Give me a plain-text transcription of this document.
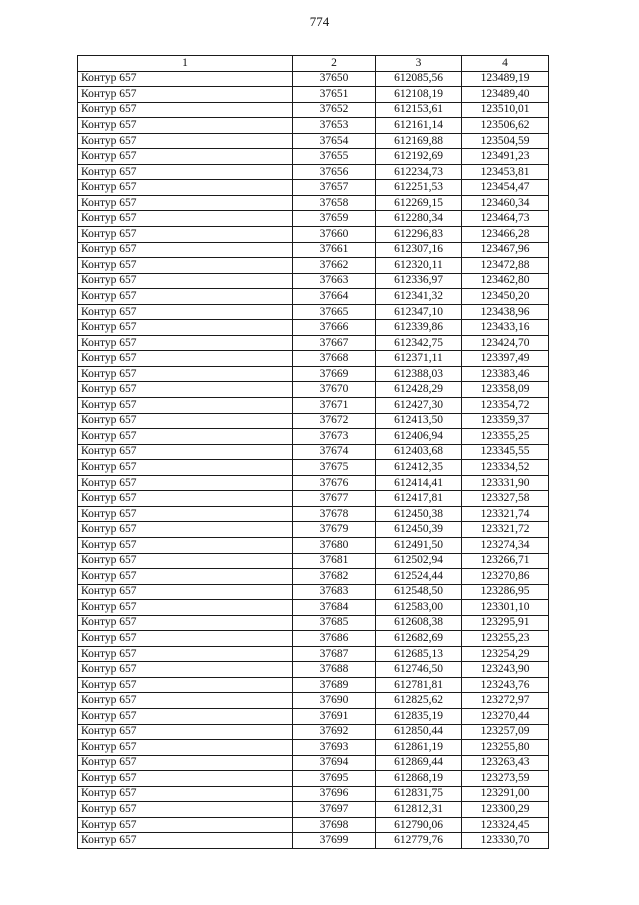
774
1	2	3	4
Контур 657	37650	612085,56	123489,19
Контур 657	37651	612108,19	123489,40
Контур 657	37652	612153,61	123510,01
Контур 657	37653	612161,14	123506,62
Контур 657	37654	612169,88	123504,59
Контур 657	37655	612192,69	123491,23
Контур 657	37656	612234,73	123453,81
Контур 657	37657	612251,53	123454,47
Контур 657	37658	612269,15	123460,34
Контур 657	37659	612280,34	123464,73
Контур 657	37660	612296,83	123466,28
Контур 657	37661	612307,16	123467,96
Контур 657	37662	612320,11	123472,88
Контур 657	37663	612336,97	123462,80
Контур 657	37664	612341,32	123450,20
Контур 657	37665	612347,10	123438,96
Контур 657	37666	612339,86	123433,16
Контур 657	37667	612342,75	123424,70
Контур 657	37668	612371,11	123397,49
Контур 657	37669	612388,03	123383,46
Контур 657	37670	612428,29	123358,09
Контур 657	37671	612427,30	123354,72
Контур 657	37672	612413,50	123359,37
Контур 657	37673	612406,94	123355,25
Контур 657	37674	612403,68	123345,55
Контур 657	37675	612412,35	123334,52
Контур 657	37676	612414,41	123331,90
Контур 657	37677	612417,81	123327,58
Контур 657	37678	612450,38	123321,74
Контур 657	37679	612450,39	123321,72
Контур 657	37680	612491,50	123274,34
Контур 657	37681	612502,94	123266,71
Контур 657	37682	612524,44	123270,86
Контур 657	37683	612548,50	123286,95
Контур 657	37684	612583,00	123301,10
Контур 657	37685	612608,38	123295,91
Контур 657	37686	612682,69	123255,23
Контур 657	37687	612685,13	123254,29
Контур 657	37688	612746,50	123243,90
Контур 657	37689	612781,81	123243,76
Контур 657	37690	612825,62	123272,97
Контур 657	37691	612835,19	123270,44
Контур 657	37692	612850,44	123257,09
Контур 657	37693	612861,19	123255,80
Контур 657	37694	612869,44	123263,43
Контур 657	37695	612868,19	123273,59
Контур 657	37696	612831,75	123291,00
Контур 657	37697	612812,31	123300,29
Контур 657	37698	612790,06	123324,45
Контур 657	37699	612779,76	123330,70
